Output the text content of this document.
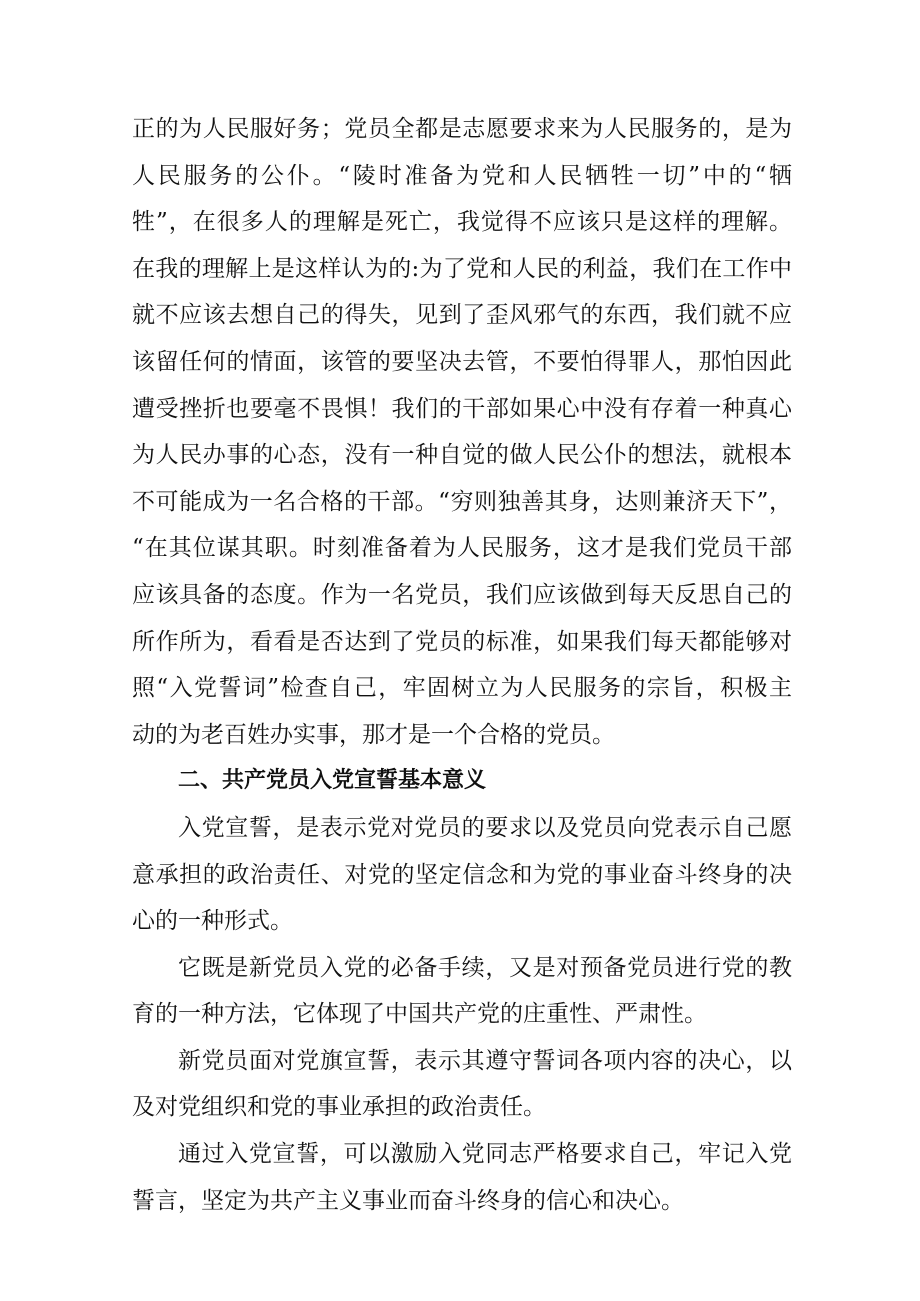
正的为人民服好务；党员全都是志愿要求来为人民服务的，是为
人民服务的公仆。“陵时准备为党和人民牺牲一切”中的“牺
牲”，在很多人的理解是死亡，我觉得不应该只是这样的理解。
在我的理解上是这样认为的:为了党和人民的利益，我们在工作中
就不应该去想自己的得失，见到了歪风邪气的东西，我们就不应
该留任何的情面，该管的要坚决去管，不要怕得罪人，那怕因此
遭受挫折也要毫不畏惧！我们的干部如果心中没有存着一种真心
为人民办事的心态，没有一种自觉的做人民公仆的想法，就根本
不可能成为一名合格的干部。“穷则独善其身，达则兼济天下”，
“在其位谋其职。时刻准备着为人民服务，这才是我们党员干部
应该具备的态度。作为一名党员，我们应该做到每天反思自己的
所作所为，看看是否达到了党员的标准，如果我们每天都能够对
照“入党誓词”检查自己，牢固树立为人民服务的宗旨，积极主
动的为老百姓办实事，那才是一个合格的党员。
二、共产党员入党宣誓基本意义
入党宣誓，是表示党对党员的要求以及党员向党表示自己愿
意承担的政治责任、对党的坚定信念和为党的事业奋斗终身的决
心的一种形式。
它既是新党员入党的必备手续，又是对预备党员进行党的教
育的一种方法，它体现了中国共产党的庄重性、严肃性。
新党员面对党旗宣誓，表示其遵守誓词各项内容的决心，以
及对党组织和党的事业承担的政治责任。
通过入党宣誓，可以激励入党同志严格要求自己，牢记入党
誓言，坚定为共产主义事业而奋斗终身的信心和决心。
